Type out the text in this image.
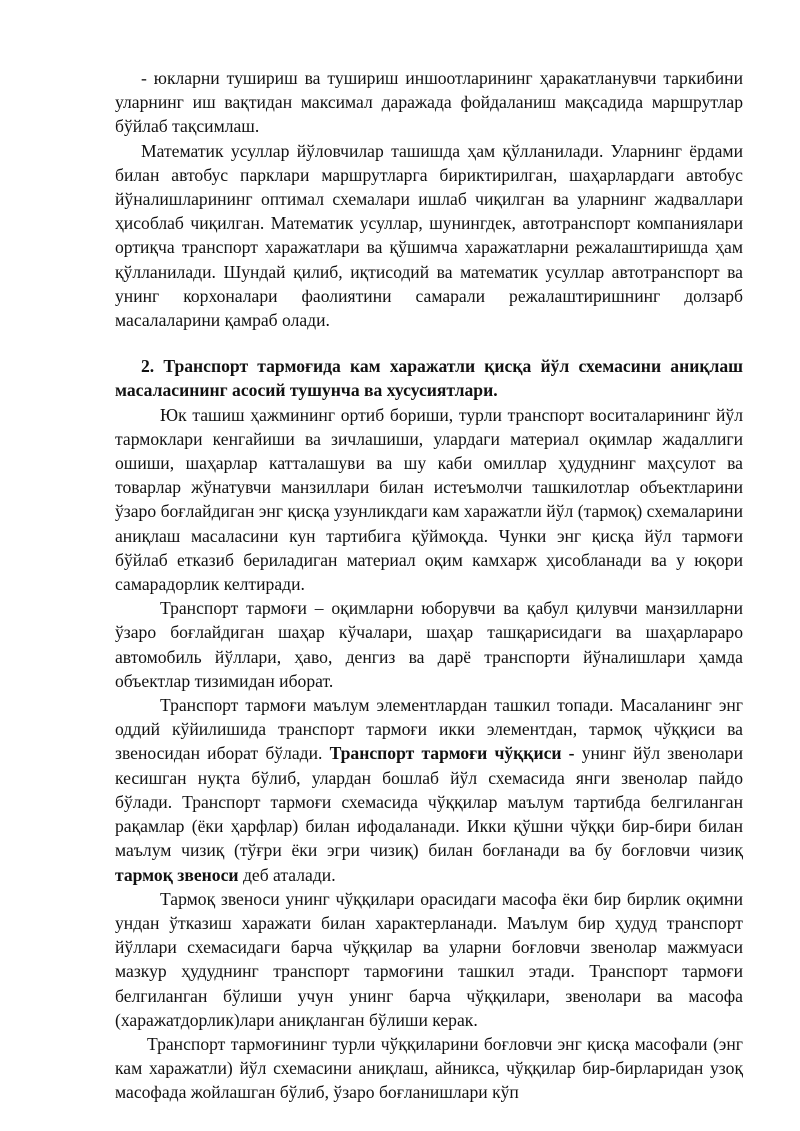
- юкларни тушириш ва тушириш иншоотларининг ҳаракатланувчи таркибини уларнинг иш вақтидан максимал даражада фойдаланиш мақсадида маршрутлар бўйлаб тақсимлаш.

Математик усуллар йўловчилар ташишда ҳам қўлланилади. Уларнинг ёрдами билан автобус парклари маршрутларга бириктирилган, шаҳарлардаги автобус йўналишларининг оптимал схемалари ишлаб чиқилган ва уларнинг жадваллари ҳисоблаб чиқилган. Математик усуллар, шунингдек, автотранспорт компаниялари ортиқча транспорт харажатлари ва қўшимча харажатларни режалаштиришда ҳам қўлланилади. Шундай қилиб, иқтисодий ва математик усуллар автотранспорт ва унинг корхоналари фаолиятини самарали режалаштиришнинг долзарб масалаларини қамраб олади.

2. Транспорт тармоғида кам харажатли қисқа йўл схемасини аниқлаш масаласининг асосий тушунча ва хусусиятлари.

Юк ташиш ҳажмининг ортиб бориши, турли транспорт воситаларининг йўл тармоклари кенгайиши ва зичлашиши, улардаги материал оқимлар жадаллиги ошиши, шаҳарлар катталашуви ва шу каби омиллар ҳудуднинг маҳсулот ва товарлар жўнатувчи манзиллари билан истеъмолчи ташкилотлар объектларини ўзаро боғлайдиган энг қисқа узунликдаги кам харажатли йўл (тармоқ) схемаларини аниқлаш масаласини кун тартибига қўймоқда. Чунки энг қисқа йўл тармоғи бўйлаб етказиб бериладиган материал оқим камхарж ҳисобланади ва у юқори самарадорлик келтиради.

Транспорт тармоғи – оқимларни юборувчи ва қабул қилувчи манзилларни ўзаро боғлайдиган шаҳар кўчалари, шаҳар ташқарисидаги ва шаҳарлараро автомобиль йўллари, ҳаво, денгиз ва дарё транспорти йўналишлари ҳамда объектлар тизимидан иборат.

Транспорт тармоғи маълум элементлардан ташкил топади. Масаланинг энг оддий кўйилишида транспорт тармоғи икки элементдан, тармоқ чўққиси ва звеносидан иборат бўлади. Транспорт тармоғи чўққиси - унинг йўл звенолари кесишган нуқта бўлиб, улардан бошлаб йўл схемасида янги звенолар пайдо бўлади. Транспорт тармоғи схемасида чўққилар маълум тартибда белгиланган рақамлар (ёки ҳарфлар) билан ифодаланади. Икки қўшни чўққи бир-бири билан маълум чизиқ (тўғри ёки эгри чизиқ) билан боғланади ва бу боғловчи чизиқ тармоқ звеноси деб аталади.

Тармоқ звеноси унинг чўққилари орасидаги масофа ёки бир бирлик оқимни ундан ўтказиш харажати билан характерланади. Маълум бир ҳудуд транспорт йўллари схемасидаги барча чўққилар ва уларни боғловчи звенолар мажмуаси мазкур ҳудуднинг транспорт тармоғини ташкил этади. Транспорт тармоғи белгиланган бўлиши учун унинг барча чўққилари, звенолари ва масофа (харажатдорлик)лари аниқланган бўлиши керак.

Транспорт тармоғининг турли чўққиларини боғловчи энг қисқа масофали (энг кам харажатли) йўл схемасини аниқлаш, айникса, чўққилар бир-бирларидан узоқ масофада жойлашган бўлиб, ўзаро боғланишлари кўп
